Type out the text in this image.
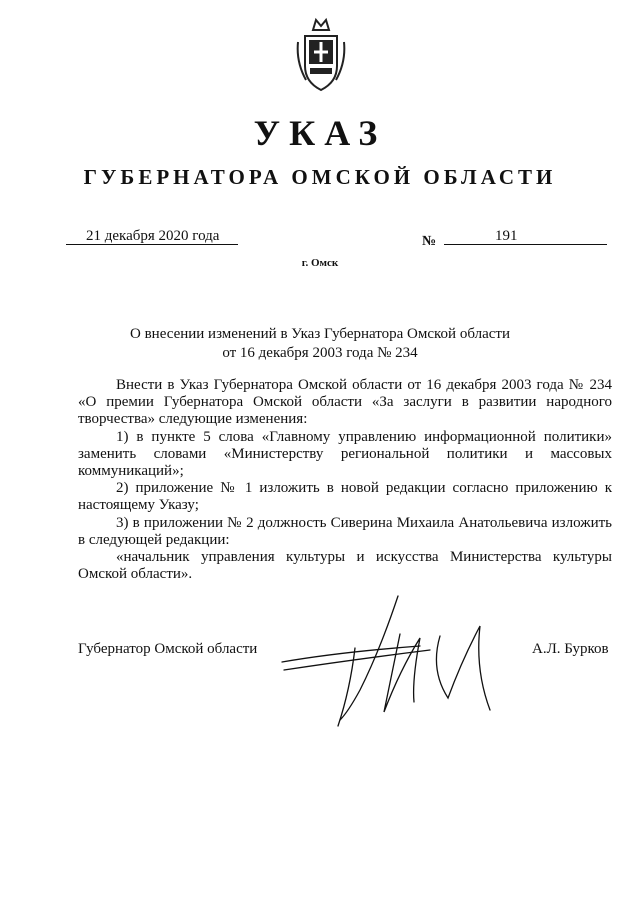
УКАЗ
ГУБЕРНАТОРА ОМСКОЙ ОБЛАСТИ
21 декабря 2020 года	№	191
г. Омск
О внесении изменений в Указ Губернатора Омской области
от 16 декабря 2003 года № 234

Внести в Указ Губернатора Омской области от 16 декабря 2003 года № 234 «О премии Губернатора Омской области «За заслуги в развитии народного творчества» следующие изменения:

1) в пункте 5 слова «Главному управлению информационной политики» заменить словами «Министерству региональной политики и массовых коммуникаций»;

2) приложение № 1 изложить в новой редакции согласно приложению к настоящему Указу;

3) в приложении № 2 должность Сиверина Михаила Анатольевича изложить в следующей редакции:

«начальник управления культуры и искусства Министерства культуры Омской области».

Губернатор Омской области	А.Л. Бурков
